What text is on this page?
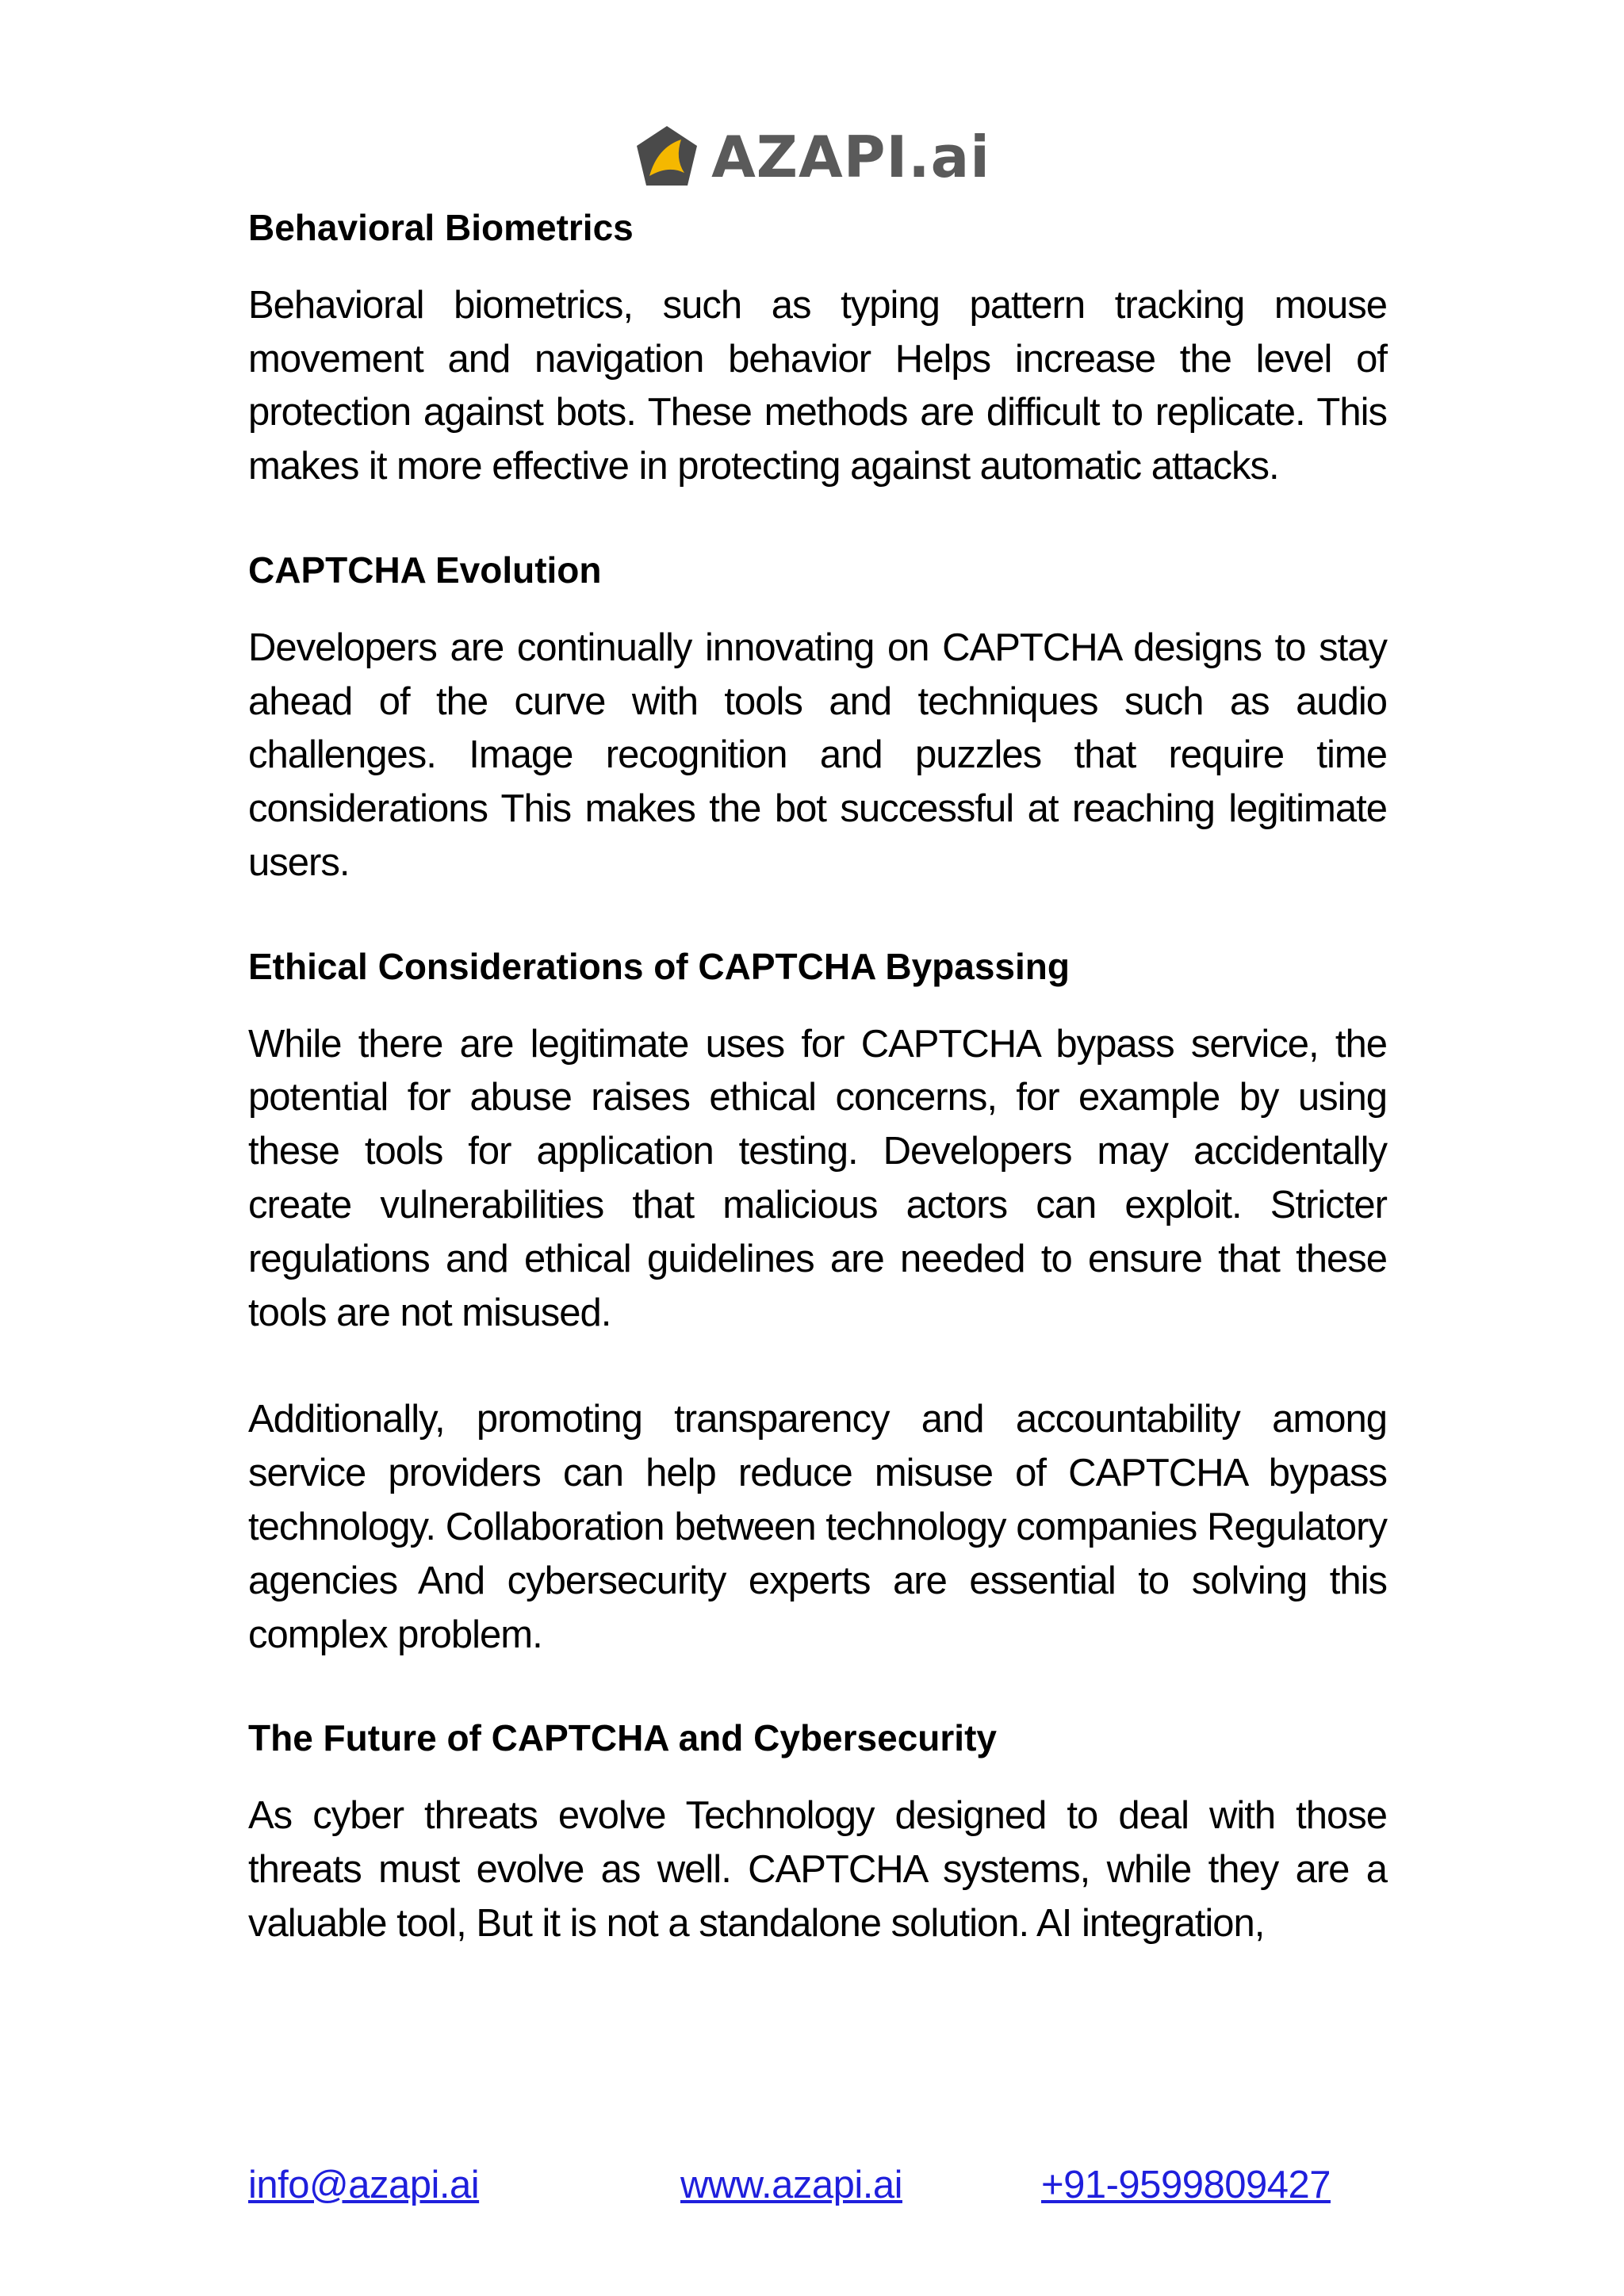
AZAPI.ai
Behavioral Biometrics

Behavioral biometrics, such as typing pattern tracking mouse movement and navigation behavior Helps increase the level of protection against bots. These methods are difficult to replicate. This makes it more effective in protecting against automatic attacks.

CAPTCHA Evolution

Developers are continually innovating on CAPTCHA designs to stay ahead of the curve with tools and techniques such as audio challenges. Image recognition and puzzles that require time considerations This makes the bot successful at reaching legitimate users.

Ethical Considerations of CAPTCHA Bypassing

While there are legitimate uses for CAPTCHA bypass service, the potential for abuse raises ethical concerns, for example by using these tools for application testing. Developers may accidentally create vulnerabilities that malicious actors can exploit. Stricter regulations and ethical guidelines are needed to ensure that these tools are not misused.

Additionally, promoting transparency and accountability among service providers can help reduce misuse of CAPTCHA bypass technology. Collaboration between technology companies Regulatory agencies And cybersecurity experts are essential to solving this complex problem.

The Future of CAPTCHA and Cybersecurity

As cyber threats evolve Technology designed to deal with those threats must evolve as well. CAPTCHA systems, while they are a valuable tool, But it is not a standalone solution. AI integration,

info@azapi.ai	www.azapi.ai	+91-9599809427
